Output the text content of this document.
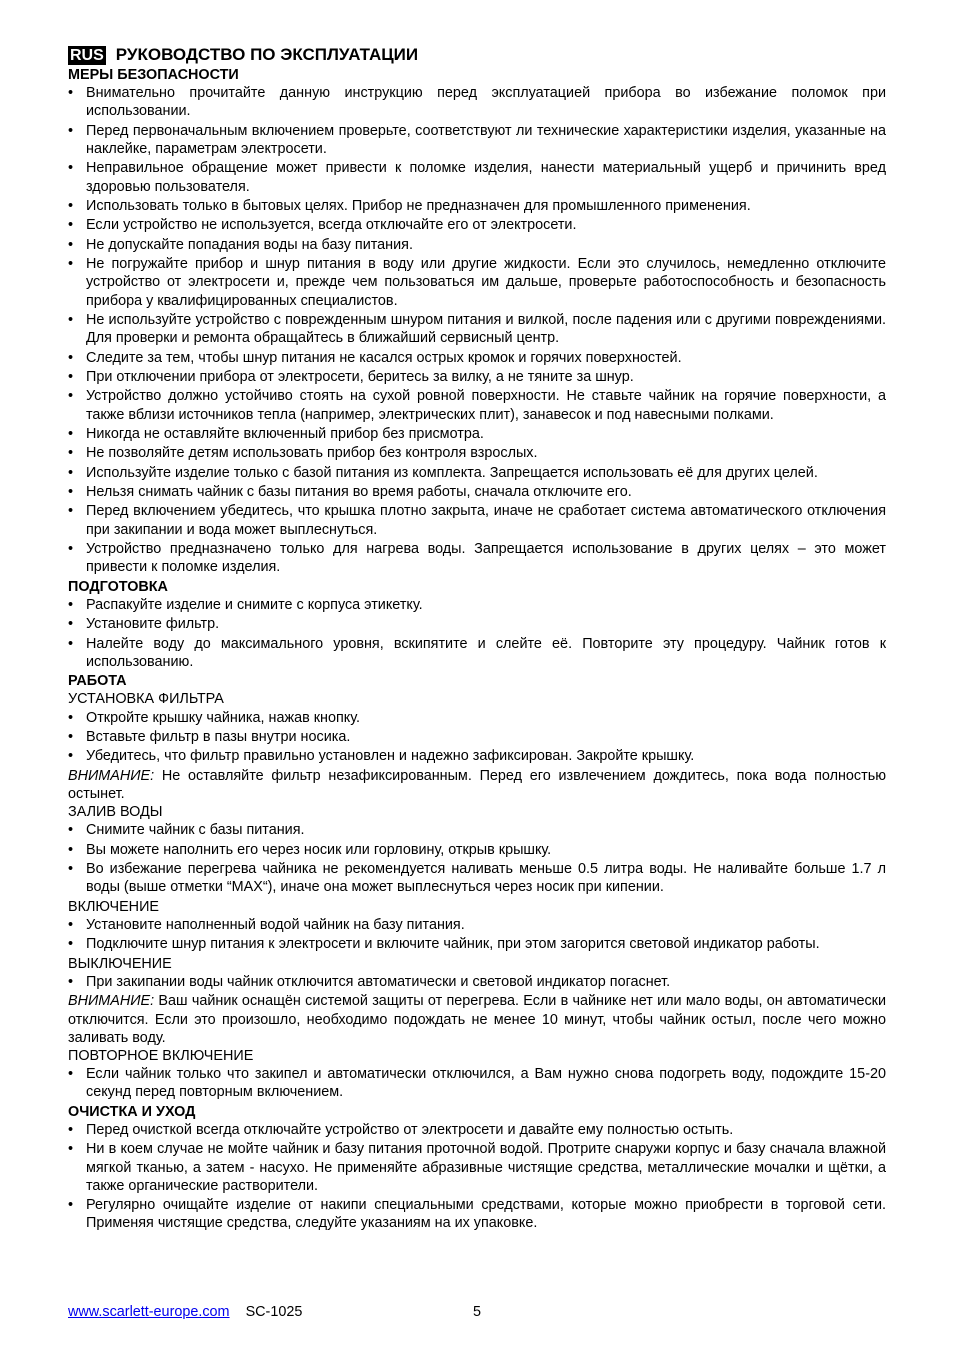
RUS РУКОВОДСТВО ПО ЭКСПЛУАТАЦИИ
МЕРЫ БЕЗОПАСНОСТИ
• Внимательно прочитайте данную инструкцию перед эксплуатацией прибора во избежание поломок при использовании.
• Перед первоначальным включением проверьте, соответствуют ли технические характеристики изделия, указанные на наклейке, параметрам электросети.
• Неправильное обращение может привести к поломке изделия, нанести материальный ущерб и причинить вред здоровью пользователя.
• Использовать только в бытовых целях. Прибор не предназначен для промышленного применения.
• Если устройство не используется, всегда отключайте его от электросети.
• Не допускайте попадания воды на базу питания.
• Не погружайте прибор и шнур питания в воду или другие жидкости. Если это случилось, немедленно отключите устройство от электросети и, прежде чем пользоваться им дальше, проверьте работоспособность и безопасность прибора у квалифицированных специалистов.
• Не используйте устройство с поврежденным шнуром питания и вилкой, после падения или с другими повреждениями. Для проверки и ремонта обращайтесь в ближайший сервисный центр.
• Следите за тем, чтобы шнур питания не касался острых кромок и горячих поверхностей.
• При отключении прибора от электросети, беритесь за вилку, а не тяните за шнур.
• Устройство должно устойчиво стоять на сухой ровной поверхности. Не ставьте чайник на горячие поверхности, а также вблизи источников тепла (например, электрических плит), занавесок и под навесными полками.
• Никогда не оставляйте включенный прибор без присмотра.
• Не позволяйте детям использовать прибор без контроля взрослых.
• Используйте изделие только с базой питания из комплекта. Запрещается использовать её для других целей.
• Нельзя снимать чайник с базы питания во время работы, сначала отключите его.
• Перед включением убедитесь, что крышка плотно закрыта, иначе не сработает система автоматического отключения при закипании и вода может выплеснуться.
• Устройство предназначено только для нагрева воды. Запрещается использование в других целях – это может привести к поломке изделия.
ПОДГОТОВКА
• Распакуйте изделие и снимите с корпуса этикетку.
• Установите фильтр.
• Налейте воду до максимального уровня, вскипятите и слейте её. Повторите эту процедуру. Чайник готов к использованию.
РАБОТА

УСТАНОВКА ФИЛЬТРА

• Откройте крышку чайника, нажав кнопку.
• Вставьте фильтр в пазы внутри носика.
• Убедитесь, что фильтр правильно установлен и надежно зафиксирован. Закройте крышку.

ВНИМАНИЕ: Не оставляйте фильтр незафиксированным. Перед его извлечением дождитесь, пока вода полностью остынет.

ЗАЛИВ ВОДЫ

• Снимите чайник с базы питания.
• Вы можете наполнить его через носик или горловину, открыв крышку.
• Во избежание перегрева чайника не рекомендуется наливать меньше 0.5 литра воды. Не наливайте больше 1.7 л воды (выше отметки “MAX“), иначе она может выплеснуться через носик при кипении.

ВКЛЮЧЕНИЕ

• Установите наполненный водой чайник на базу питания.
• Подключите шнур питания к электросети и включите чайник, при этом загорится световой индикатор работы.

ВЫКЛЮЧЕНИЕ

• При закипании воды чайник отключится автоматически и световой индикатор погаснет.

ВНИМАНИЕ: Ваш чайник оснащён системой защиты от перегрева. Если в чайнике нет или мало воды, он автоматически отключится. Если это произошло, необходимо подождать не менее 10 минут, чтобы чайник остыл, после чего можно заливать воду.

ПОВТОРНОЕ ВКЛЮЧЕНИЕ

• Если чайник только что закипел и автоматически отключился, а Вам нужно снова подогреть воду, подождите 15-20 секунд перед повторным включением.
ОЧИСТКА И УХОД
• Перед очисткой всегда отключайте устройство от электросети и давайте ему полностью остыть.
• Ни в коем случае не мойте чайник и базу питания проточной водой. Протрите снаружи корпус и базу сначала влажной мягкой тканью, а затем - насухо. Не применяйте абразивные чистящие средства, металлические мочалки и щётки, а также органические растворители.
• Регулярно очищайте изделие от накипи специальными средствами, которые можно приобрести в торговой сети. Применяя чистящие средства, следуйте указаниям на их упаковке.
www.scarlett-europe.com SC-1025	5
